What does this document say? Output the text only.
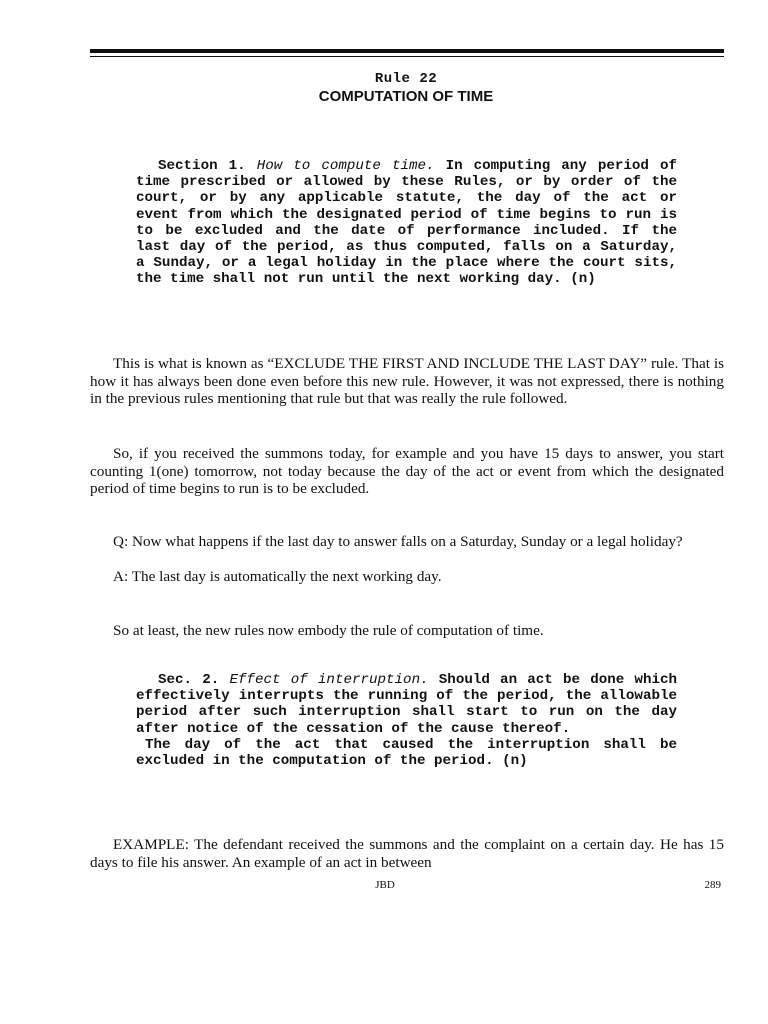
Rule 22
COMPUTATION OF TIME

Section 1. How to compute time. In computing any period of time prescribed or allowed by these Rules, or by order of the court, or by any applicable statute, the day of the act or event from which the designated period of time begins to run is to be excluded and the date of performance included. If the last day of the period, as thus computed, falls on a Saturday, a Sunday, or a legal holiday in the place where the court sits, the time shall not run until the next working day. (n)

This is what is known as “EXCLUDE THE FIRST AND INCLUDE THE LAST DAY” rule. That is how it has always been done even before this new rule. However, it was not expressed, there is nothing in the previous rules mentioning that rule but that was really the rule followed.

So, if you received the summons today, for example and you have 15 days to answer, you start counting 1(one) tomorrow, not today because the day of the act or event from which the designated period of time begins to run is to be excluded.

Q: Now what happens if the last day to answer falls on a Saturday, Sunday or a legal holiday?

A: The last day is automatically the next working day.

So at least, the new rules now embody the rule of computation of time.

Sec. 2. Effect of interruption. Should an act be done which effectively interrupts the running of the period, the allowable period after such interruption shall start to run on the day after notice of the cessation of the cause thereof.

The day of the act that caused the interruption shall be excluded in the computation of the period. (n)

EXAMPLE: The defendant received the summons and the complaint on a certain day. He has 15 days to file his answer. An example of an act in between

JBD	289
